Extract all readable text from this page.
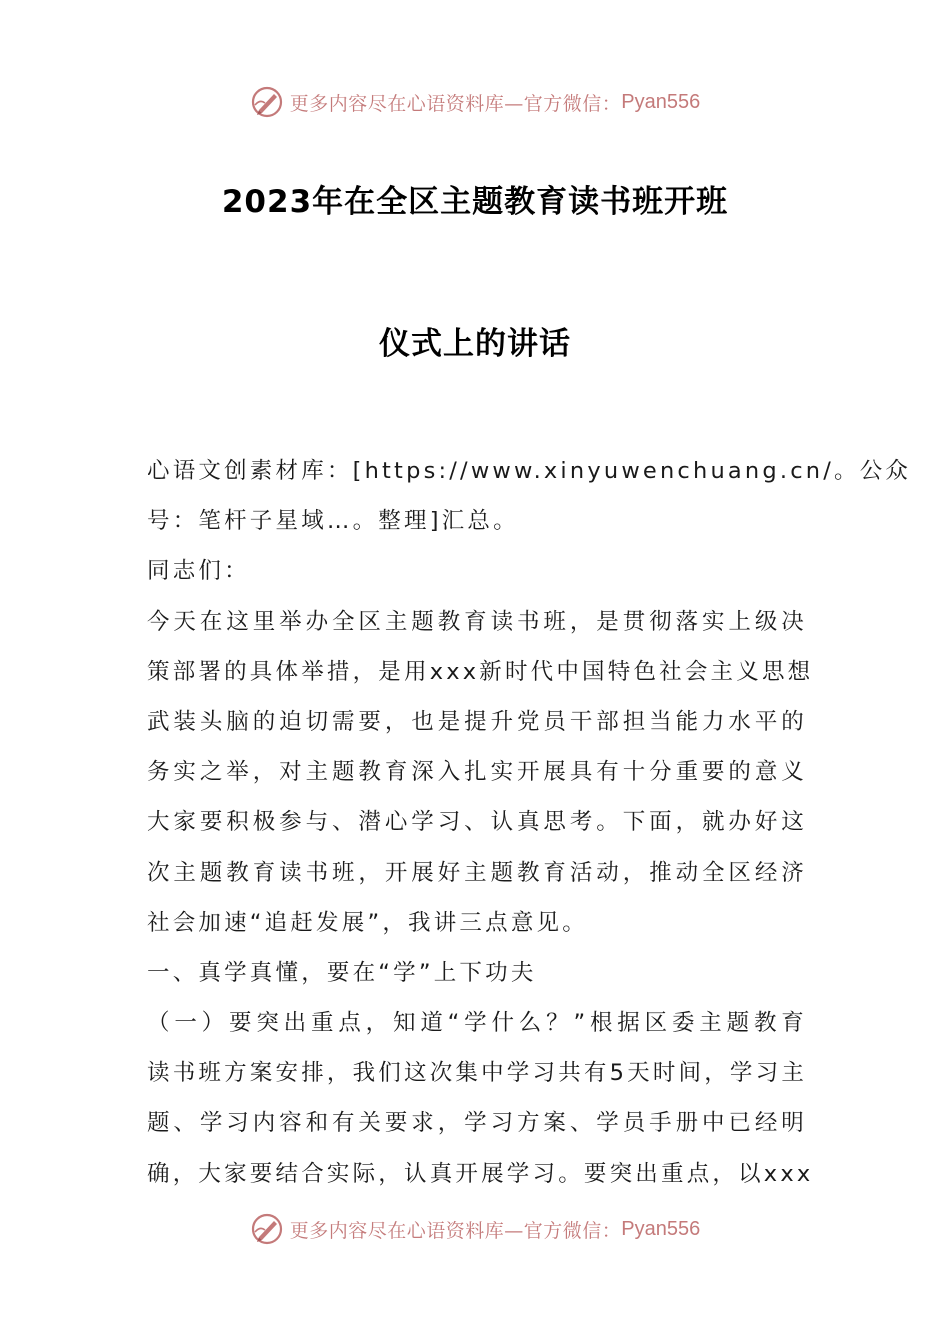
更多内容尽在心语资料库—官方微信： Pyan556
2023年在全区主题教育读书班开班
仪式上的讲话
心语文创素材库：[https://www.xinyuwenchuang.cn/。公众
号：笔杆子星域…。整理]汇总。
同志们：
今天在这里举办全区主题教育读书班，是贯彻落实上级决
策部署的具体举措，是用xxx新时代中国特色社会主义思想
武装头脑的迫切需要，也是提升党员干部担当能力水平的
务实之举，对主题教育深入扎实开展具有十分重要的意义
大家要积极参与、潜心学习、认真思考。下面，就办好这
次主题教育读书班，开展好主题教育活动，推动全区经济
社会加速“追赶发展”，我讲三点意见。
一、真学真懂，要在“学”上下功夫
（一）要突出重点，知道“学什么？”根据区委主题教育
读书班方案安排，我们这次集中学习共有5天时间，学习主
题、学习内容和有关要求，学习方案、学员手册中已经明
确，大家要结合实际，认真开展学习。要突出重点，以xxx
更多内容尽在心语资料库—官方微信： Pyan556
